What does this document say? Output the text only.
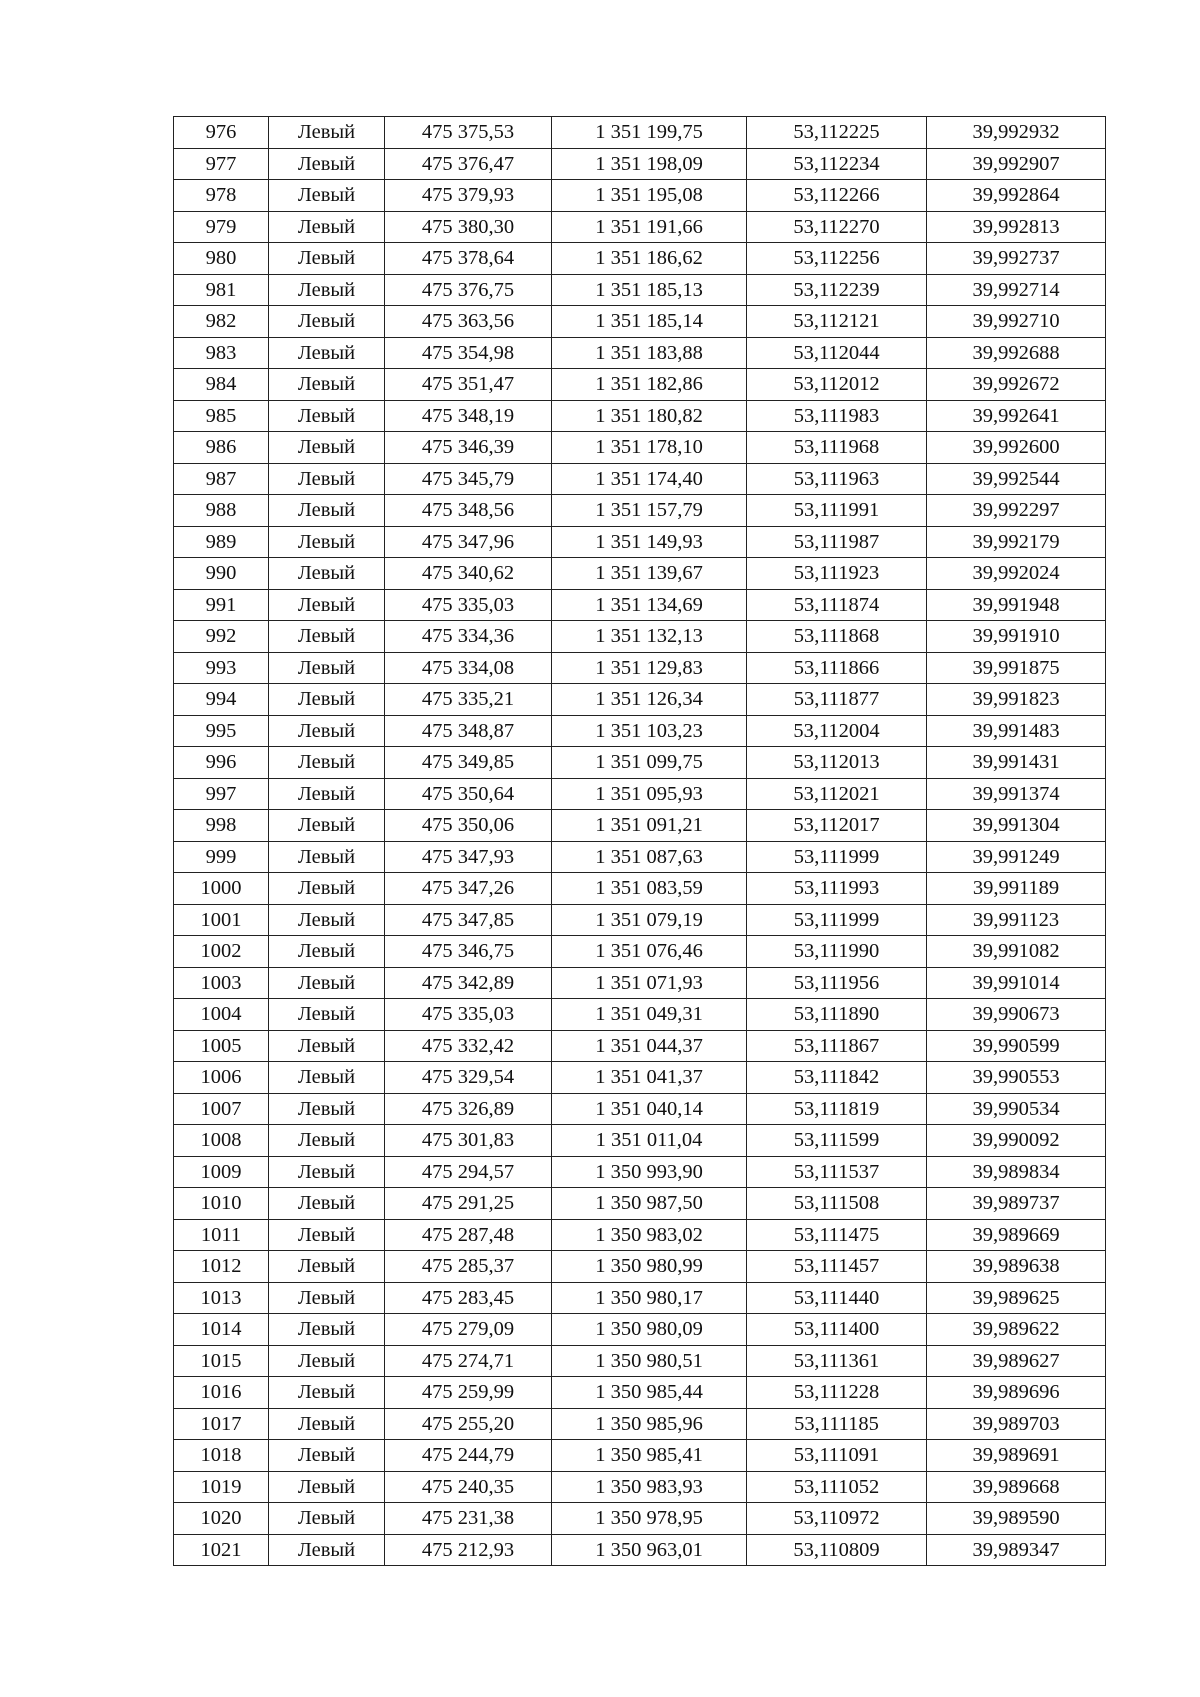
976	Левый	475 375,53	1 351 199,75	53,112225	39,992932
977	Левый	475 376,47	1 351 198,09	53,112234	39,992907
978	Левый	475 379,93	1 351 195,08	53,112266	39,992864
979	Левый	475 380,30	1 351 191,66	53,112270	39,992813
980	Левый	475 378,64	1 351 186,62	53,112256	39,992737
981	Левый	475 376,75	1 351 185,13	53,112239	39,992714
982	Левый	475 363,56	1 351 185,14	53,112121	39,992710
983	Левый	475 354,98	1 351 183,88	53,112044	39,992688
984	Левый	475 351,47	1 351 182,86	53,112012	39,992672
985	Левый	475 348,19	1 351 180,82	53,111983	39,992641
986	Левый	475 346,39	1 351 178,10	53,111968	39,992600
987	Левый	475 345,79	1 351 174,40	53,111963	39,992544
988	Левый	475 348,56	1 351 157,79	53,111991	39,992297
989	Левый	475 347,96	1 351 149,93	53,111987	39,992179
990	Левый	475 340,62	1 351 139,67	53,111923	39,992024
991	Левый	475 335,03	1 351 134,69	53,111874	39,991948
992	Левый	475 334,36	1 351 132,13	53,111868	39,991910
993	Левый	475 334,08	1 351 129,83	53,111866	39,991875
994	Левый	475 335,21	1 351 126,34	53,111877	39,991823
995	Левый	475 348,87	1 351 103,23	53,112004	39,991483
996	Левый	475 349,85	1 351 099,75	53,112013	39,991431
997	Левый	475 350,64	1 351 095,93	53,112021	39,991374
998	Левый	475 350,06	1 351 091,21	53,112017	39,991304
999	Левый	475 347,93	1 351 087,63	53,111999	39,991249
1000	Левый	475 347,26	1 351 083,59	53,111993	39,991189
1001	Левый	475 347,85	1 351 079,19	53,111999	39,991123
1002	Левый	475 346,75	1 351 076,46	53,111990	39,991082
1003	Левый	475 342,89	1 351 071,93	53,111956	39,991014
1004	Левый	475 335,03	1 351 049,31	53,111890	39,990673
1005	Левый	475 332,42	1 351 044,37	53,111867	39,990599
1006	Левый	475 329,54	1 351 041,37	53,111842	39,990553
1007	Левый	475 326,89	1 351 040,14	53,111819	39,990534
1008	Левый	475 301,83	1 351 011,04	53,111599	39,990092
1009	Левый	475 294,57	1 350 993,90	53,111537	39,989834
1010	Левый	475 291,25	1 350 987,50	53,111508	39,989737
1011	Левый	475 287,48	1 350 983,02	53,111475	39,989669
1012	Левый	475 285,37	1 350 980,99	53,111457	39,989638
1013	Левый	475 283,45	1 350 980,17	53,111440	39,989625
1014	Левый	475 279,09	1 350 980,09	53,111400	39,989622
1015	Левый	475 274,71	1 350 980,51	53,111361	39,989627
1016	Левый	475 259,99	1 350 985,44	53,111228	39,989696
1017	Левый	475 255,20	1 350 985,96	53,111185	39,989703
1018	Левый	475 244,79	1 350 985,41	53,111091	39,989691
1019	Левый	475 240,35	1 350 983,93	53,111052	39,989668
1020	Левый	475 231,38	1 350 978,95	53,110972	39,989590
1021	Левый	475 212,93	1 350 963,01	53,110809	39,989347
